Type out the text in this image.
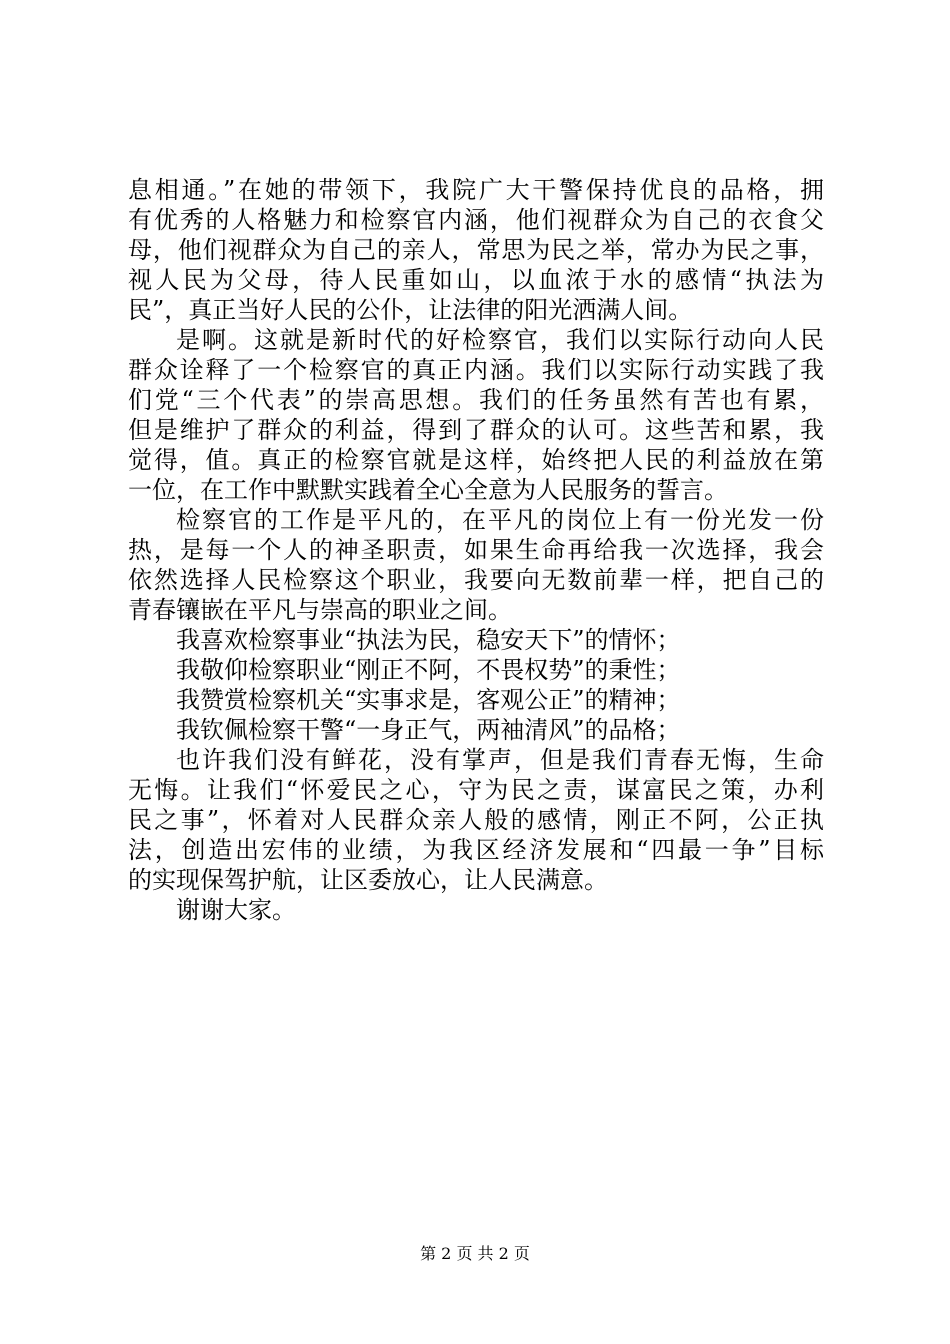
息相通。”在她的带领下，我院广大干警保持优良的品格，拥
有优秀的人格魅力和检察官内涵，他们视群众为自己的衣食父
母，他们视群众为自己的亲人，常思为民之举，常办为民之事，
视人民为父母，待人民重如山，以血浓于水的感情“执法为
民”，真正当好人民的公仆，让法律的阳光洒满人间。
是啊。这就是新时代的好检察官，我们以实际行动向人民
群众诠释了一个检察官的真正内涵。我们以实际行动实践了我
们党“三个代表”的崇高思想。我们的任务虽然有苦也有累，
但是维护了群众的利益，得到了群众的认可。这些苦和累，我
觉得，值。真正的检察官就是这样，始终把人民的利益放在第
一位，在工作中默默实践着全心全意为人民服务的誓言。
检察官的工作是平凡的，在平凡的岗位上有一份光发一份
热，是每一个人的神圣职责，如果生命再给我一次选择，我会
依然选择人民检察这个职业，我要向无数前辈一样，把自己的
青春镶嵌在平凡与崇高的职业之间。
我喜欢检察事业“执法为民，稳安天下”的情怀；
我敬仰检察职业“刚正不阿，不畏权势”的秉性；
我赞赏检察机关“实事求是，客观公正”的精神；
我钦佩检察干警“一身正气，两袖清风”的品格；
也许我们没有鲜花，没有掌声，但是我们青春无悔，生命
无悔。让我们“怀爱民之心，守为民之责，谋富民之策，办利
民之事”，怀着对人民群众亲人般的感情，刚正不阿，公正执
法，创造出宏伟的业绩，为我区经济发展和“四最一争”目标
的实现保驾护航，让区委放心，让人民满意。
谢谢大家。
第 2 页 共 2 页
